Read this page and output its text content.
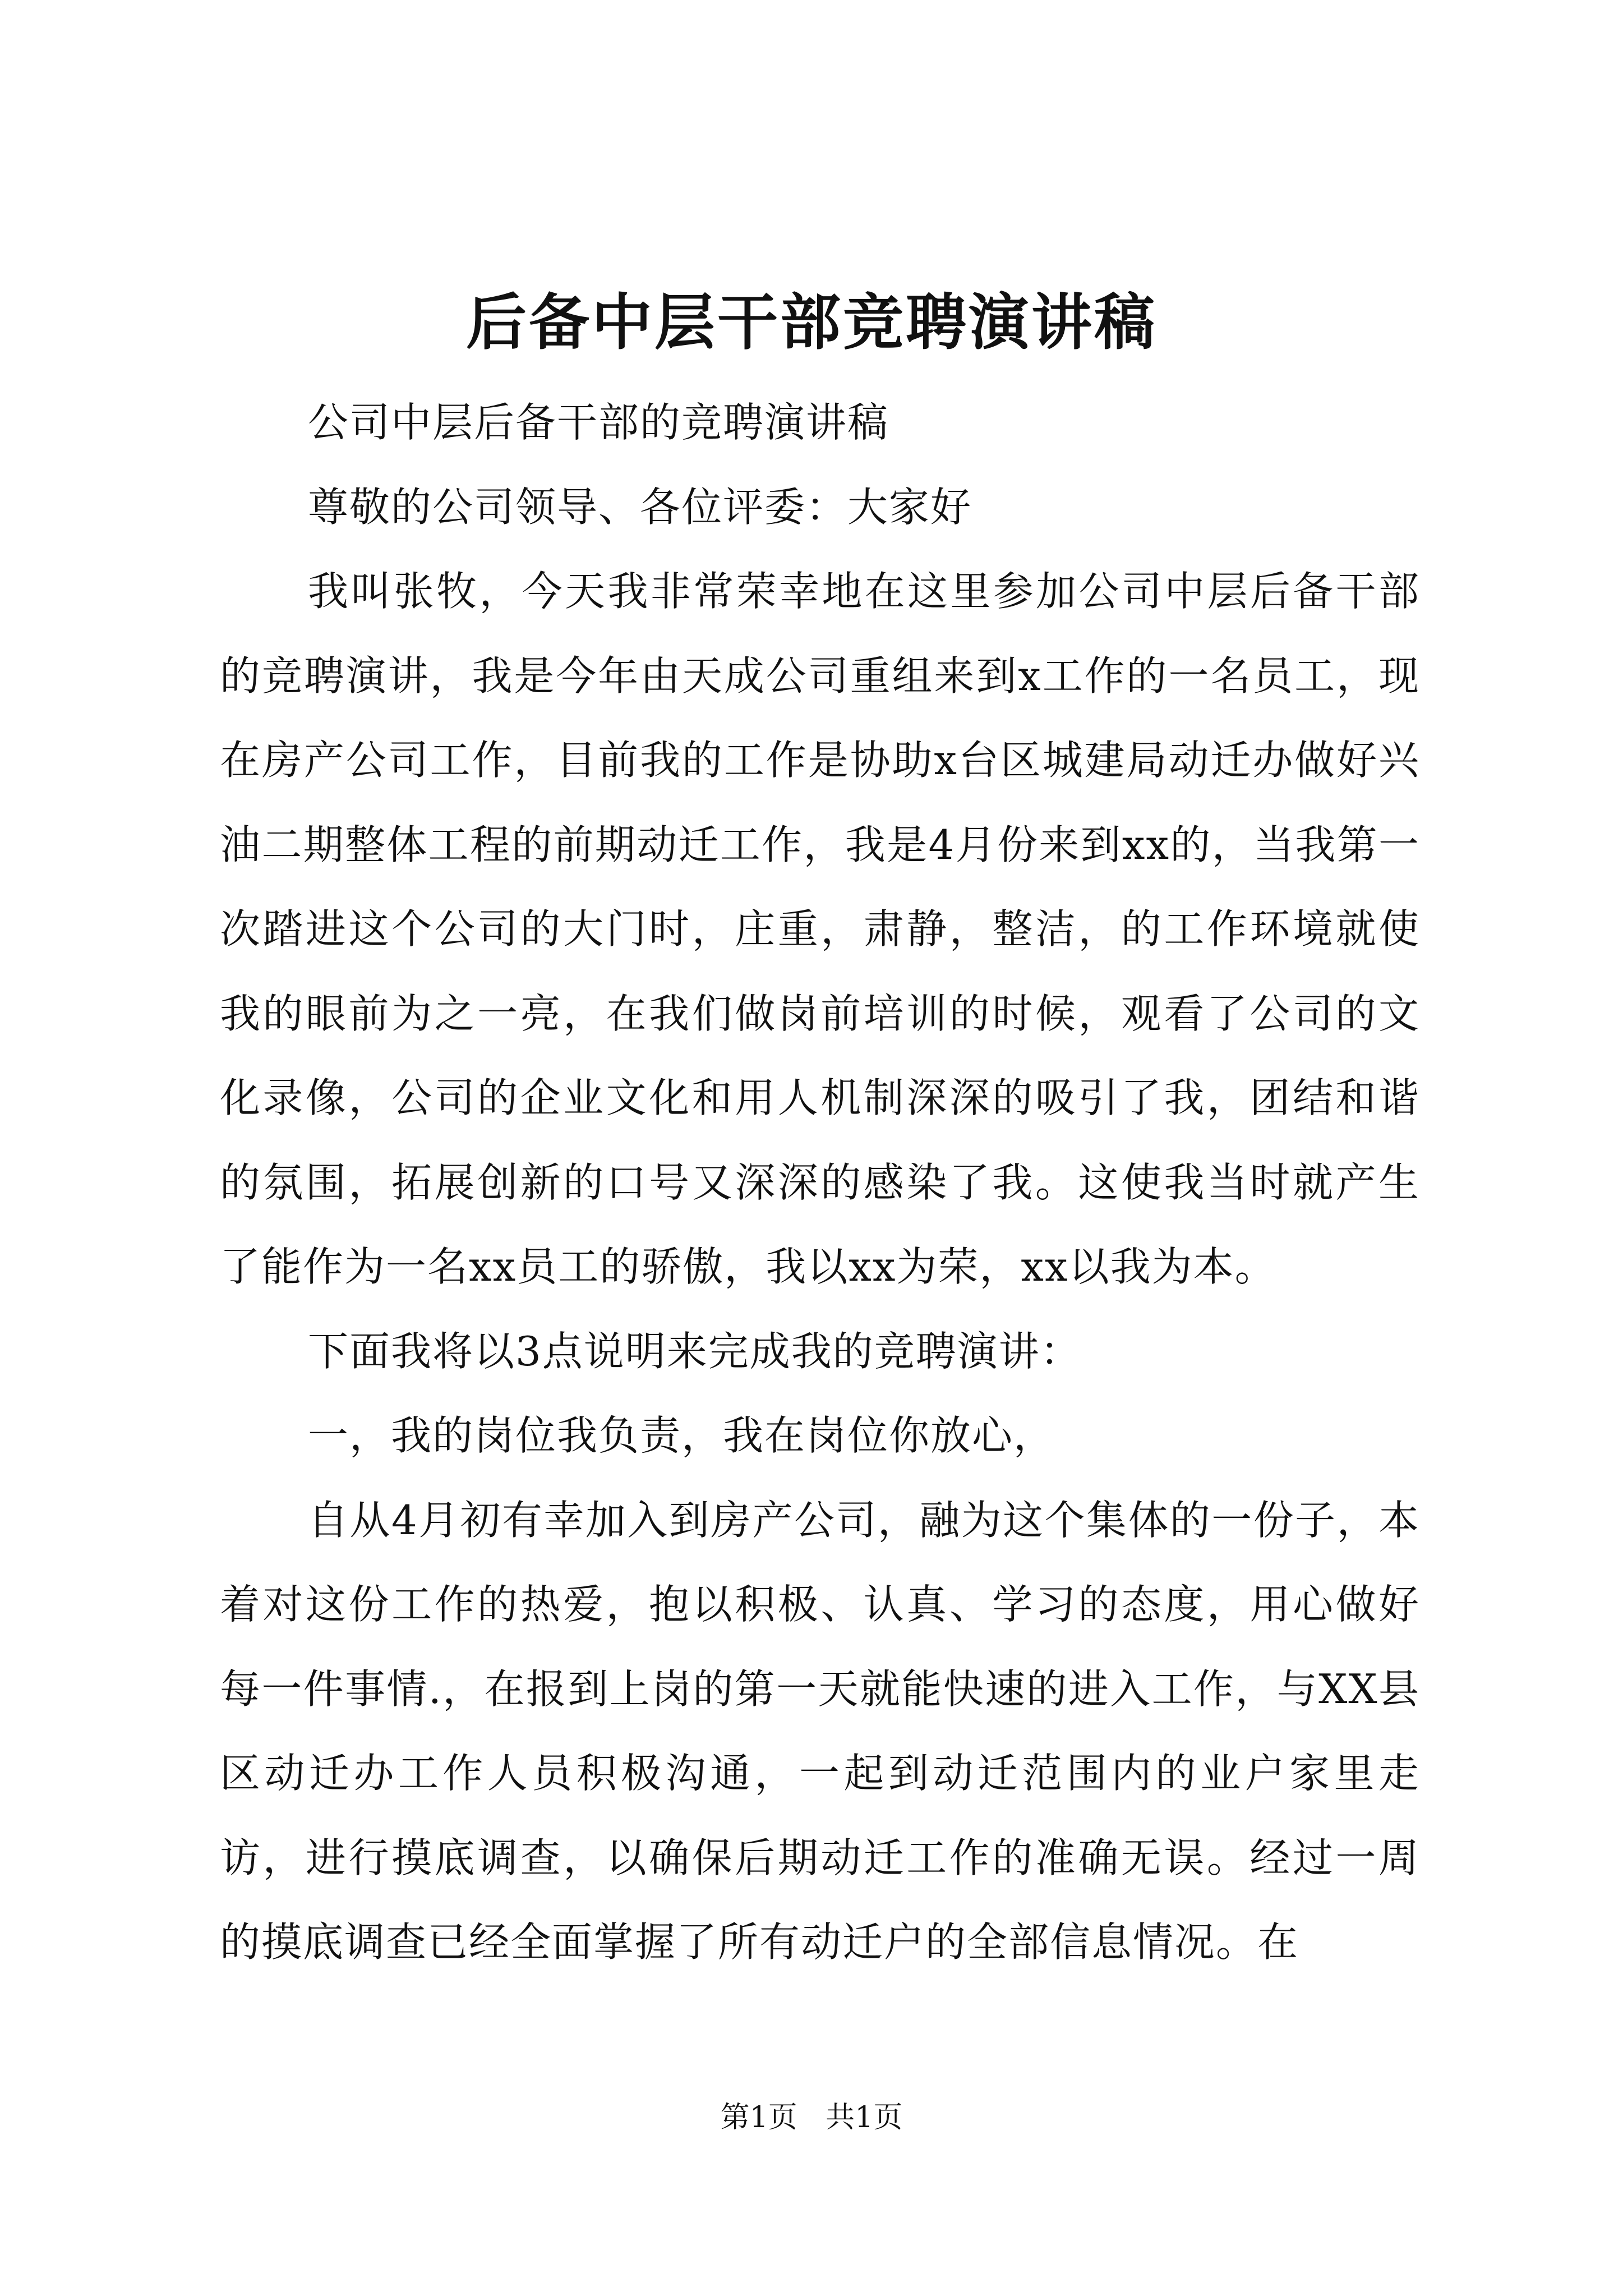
后备中层干部竞聘演讲稿

公司中层后备干部的竞聘演讲稿

尊敬的公司领导、各位评委：大家好

我叫张牧，今天我非常荣幸地在这里参加公司中层后备干部的竞聘演讲，我是今年由天成公司重组来到x工作的一名员工，现在房产公司工作，目前我的工作是协助x台区城建局动迁办做好兴油二期整体工程的前期动迁工作，我是4月份来到xx的，当我第一次踏进这个公司的大门时，庄重，肃静，整洁，的工作环境就使我的眼前为之一亮，在我们做岗前培训的时候，观看了公司的文化录像，公司的企业文化和用人机制深深的吸引了我，团结和谐的氛围，拓展创新的口号又深深的感染了我。这使我当时就产生了能作为一名xx员工的骄傲，我以xx为荣，xx以我为本。

下面我将以3点说明来完成我的竞聘演讲：

一，我的岗位我负责，我在岗位你放心，

自从4月初有幸加入到房产公司，融为这个集体的一份子，本着对这份工作的热爱，抱以积极、认真、学习的态度，用心做好每一件事情.，在报到上岗的第一天就能快速的进入工作，与XX县区动迁办工作人员积极沟通，一起到动迁范围内的业户家里走访，进行摸底调查，以确保后期动迁工作的准确无误。经过一周的摸底调查已经全面掌握了所有动迁户的全部信息情况。在

第1页 共1页
